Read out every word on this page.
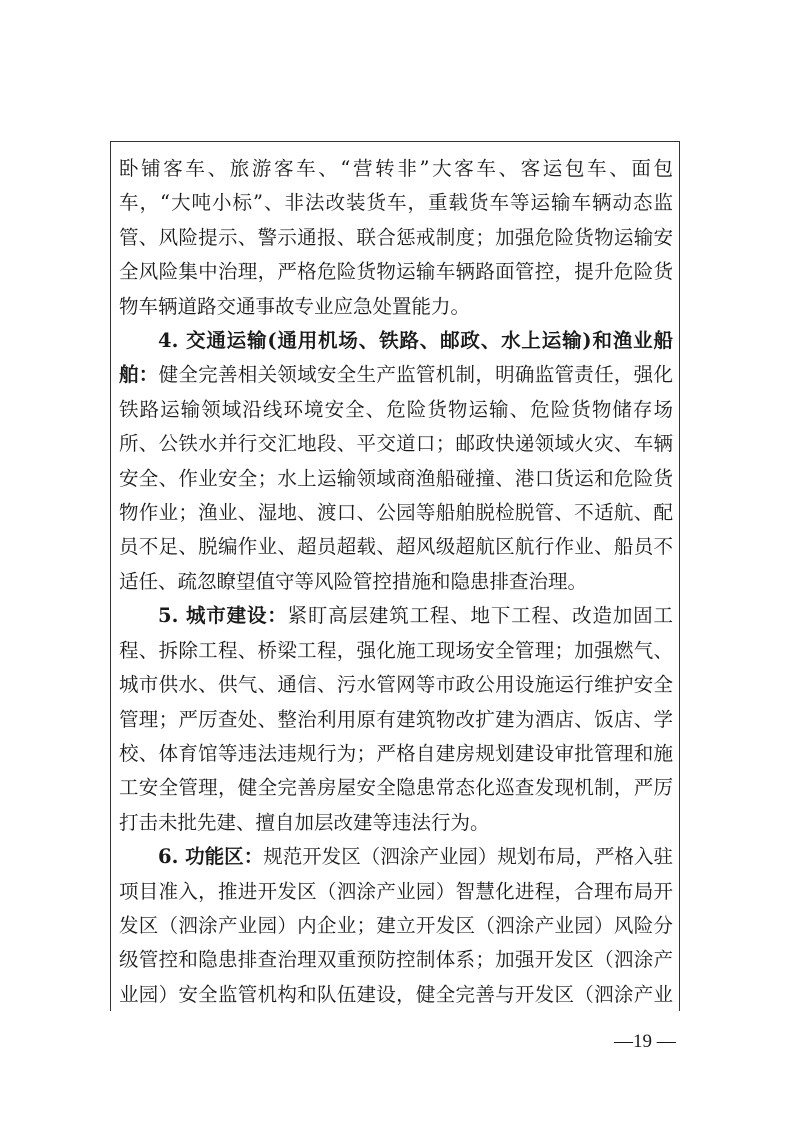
卧铺客车、旅游客车、“营转非”大客车、客运包车、面包车，“大吨小标”、非法改装货车，重载货车等运输车辆动态监管、风险提示、警示通报、联合惩戒制度；加强危险货物运输安全风险集中治理，严格危险货物运输车辆路面管控，提升危险货物车辆道路交通事故专业应急处置能力。

4. 交通运输(通用机场、铁路、邮政、水上运输)和渔业船舶：健全完善相关领域安全生产监管机制，明确监管责任，强化铁路运输领域沿线环境安全、危险货物运输、危险货物储存场所、公铁水并行交汇地段、平交道口；邮政快递领域火灾、车辆安全、作业安全；水上运输领域商渔船碰撞、港口货运和危险货物作业；渔业、湿地、渡口、公园等船舶脱检脱管、不适航、配员不足、脱编作业、超员超载、超风级超航区航行作业、船员不适任、疏忽瞭望值守等风险管控措施和隐患排查治理。

5. 城市建设：紧盯高层建筑工程、地下工程、改造加固工程、拆除工程、桥梁工程，强化施工现场安全管理；加强燃气、城市供水、供气、通信、污水管网等市政公用设施运行维护安全管理；严厉查处、整治利用原有建筑物改扩建为酒店、饭店、学校、体育馆等违法违规行为；严格自建房规划建设审批管理和施工安全管理，健全完善房屋安全隐患常态化巡查发现机制，严厉打击未批先建、擅自加层改建等违法行为。

6. 功能区：规范开发区（泗涂产业园）规划布局，严格入驻项目准入，推进开发区（泗涂产业园）智慧化进程，合理布局开发区（泗涂产业园）内企业；建立开发区（泗涂产业园）风险分级管控和隐患排查治理双重预防控制体系；加强开发区（泗涂产业园）安全监管机构和队伍建设，健全完善与开发区（泗涂产业

—19 —
